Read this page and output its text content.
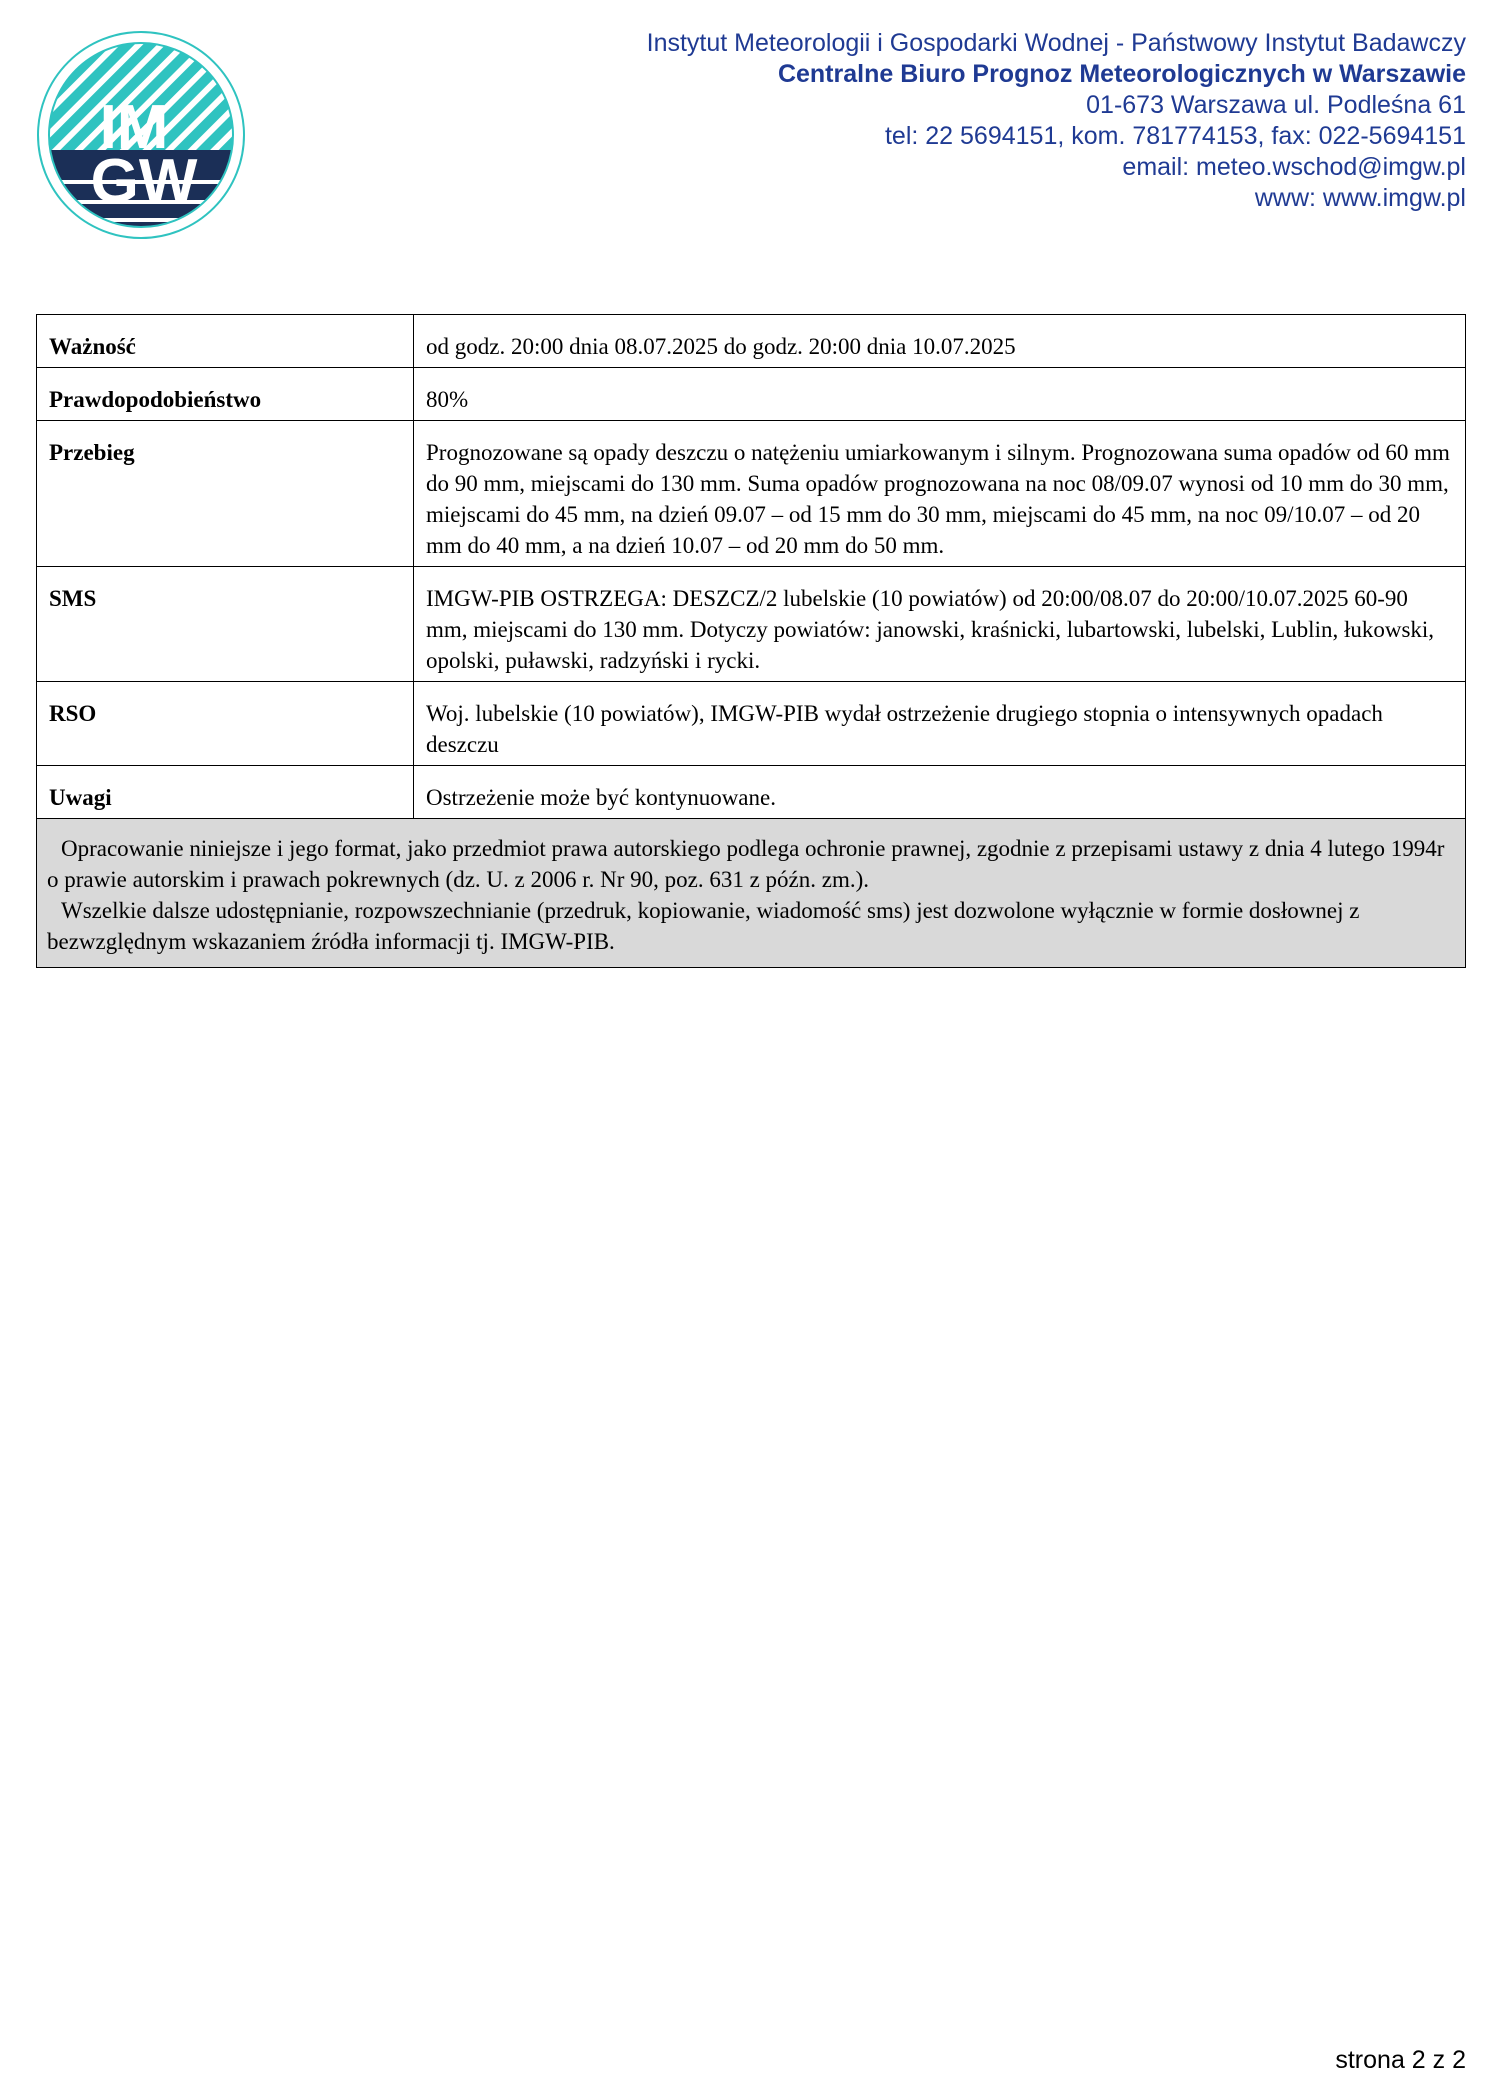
IM
GW
Instytut Meteorologii i Gospodarki Wodnej - Państwowy Instytut Badawczy
Centralne Biuro Prognoz Meteorologicznych w Warszawie
01-673 Warszawa ul. Podleśna 61
tel: 22 5694151, kom. 781774153, fax: 022-5694151
email: meteo.wschod@imgw.pl
www: www.imgw.pl
Ważność	od godz. 20:00 dnia 08.07.2025 do godz. 20:00 dnia 10.07.2025
Prawdopodobieństwo	80%
Przebieg	Prognozowane są opady deszczu o natężeniu umiarkowanym i silnym. Prognozowana suma opadów od 60 mm do 90 mm, miejscami do 130 mm. Suma opadów prognozowana na noc 08/09.07 wynosi od 10 mm do 30 mm, miejscami do 45 mm, na dzień 09.07 – od 15 mm do 30 mm, miejscami do 45 mm, na noc 09/10.07 – od 20 mm do 40 mm, a na dzień 10.07 – od 20 mm do 50 mm.
SMS	IMGW-PIB OSTRZEGA: DESZCZ/2 lubelskie (10 powiatów) od 20:00/08.07 do 20:00/10.07.2025 60-90 mm, miejscami do 130 mm. Dotyczy powiatów: janowski, kraśnicki, lubartowski, lubelski, Lublin, łukowski, opolski, puławski, radzyński i rycki.
RSO	Woj. lubelskie (10 powiatów), IMGW-PIB wydał ostrzeżenie drugiego stopnia o intensywnych opadach deszczu
Uwagi	Ostrzeżenie może być kontynuowane.

Opracowanie niniejsze i jego format, jako przedmiot prawa autorskiego podlega ochronie prawnej, zgodnie z przepisami ustawy z dnia 4 lutego 1994r o prawie autorskim i prawach pokrewnych (dz. U. z 2006 r. Nr 90, poz. 631 z późn. zm.).

Wszelkie dalsze udostępnianie, rozpowszechnianie (przedruk, kopiowanie, wiadomość sms) jest dozwolone wyłącznie w formie dosłownej z bezwzględnym wskazaniem źródła informacji tj. IMGW-PIB.	

strona 2 z 2
